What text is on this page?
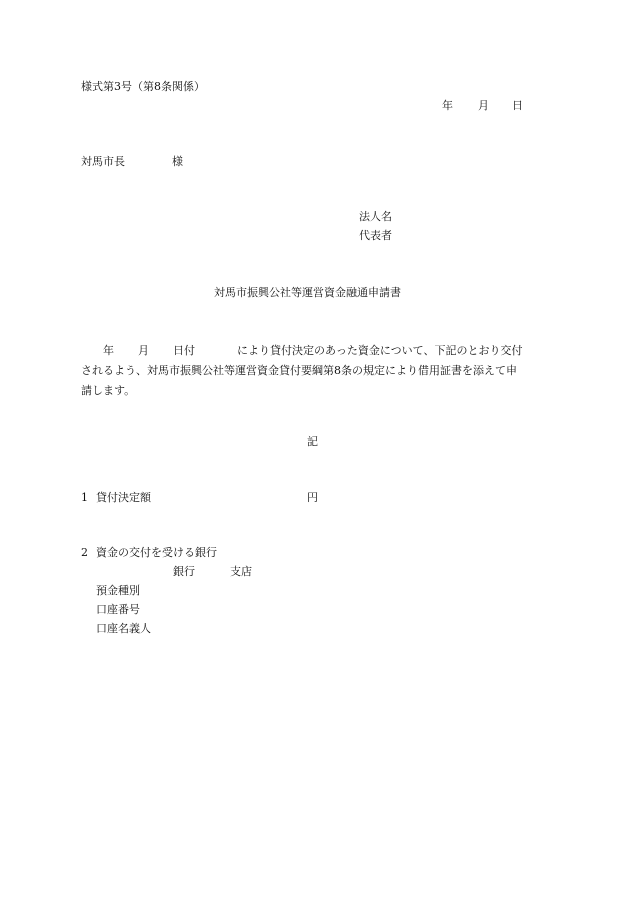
様式第3号（第8条関係）
年 月 日
対馬市長	様
法人名
代表者
対馬市振興公社等運営資金融通申請書
年 月 日付	により貸付決定のあった資金について、下記のとおり交付
されるよう、対馬市振興公社等運営資金貸付要綱第8条の規定により借用証書を添えて申
請します。
記
1 貸付決定額	円
2 資金の交付を受ける銀行
銀行	支店
預金種別
口座番号
口座名義人
